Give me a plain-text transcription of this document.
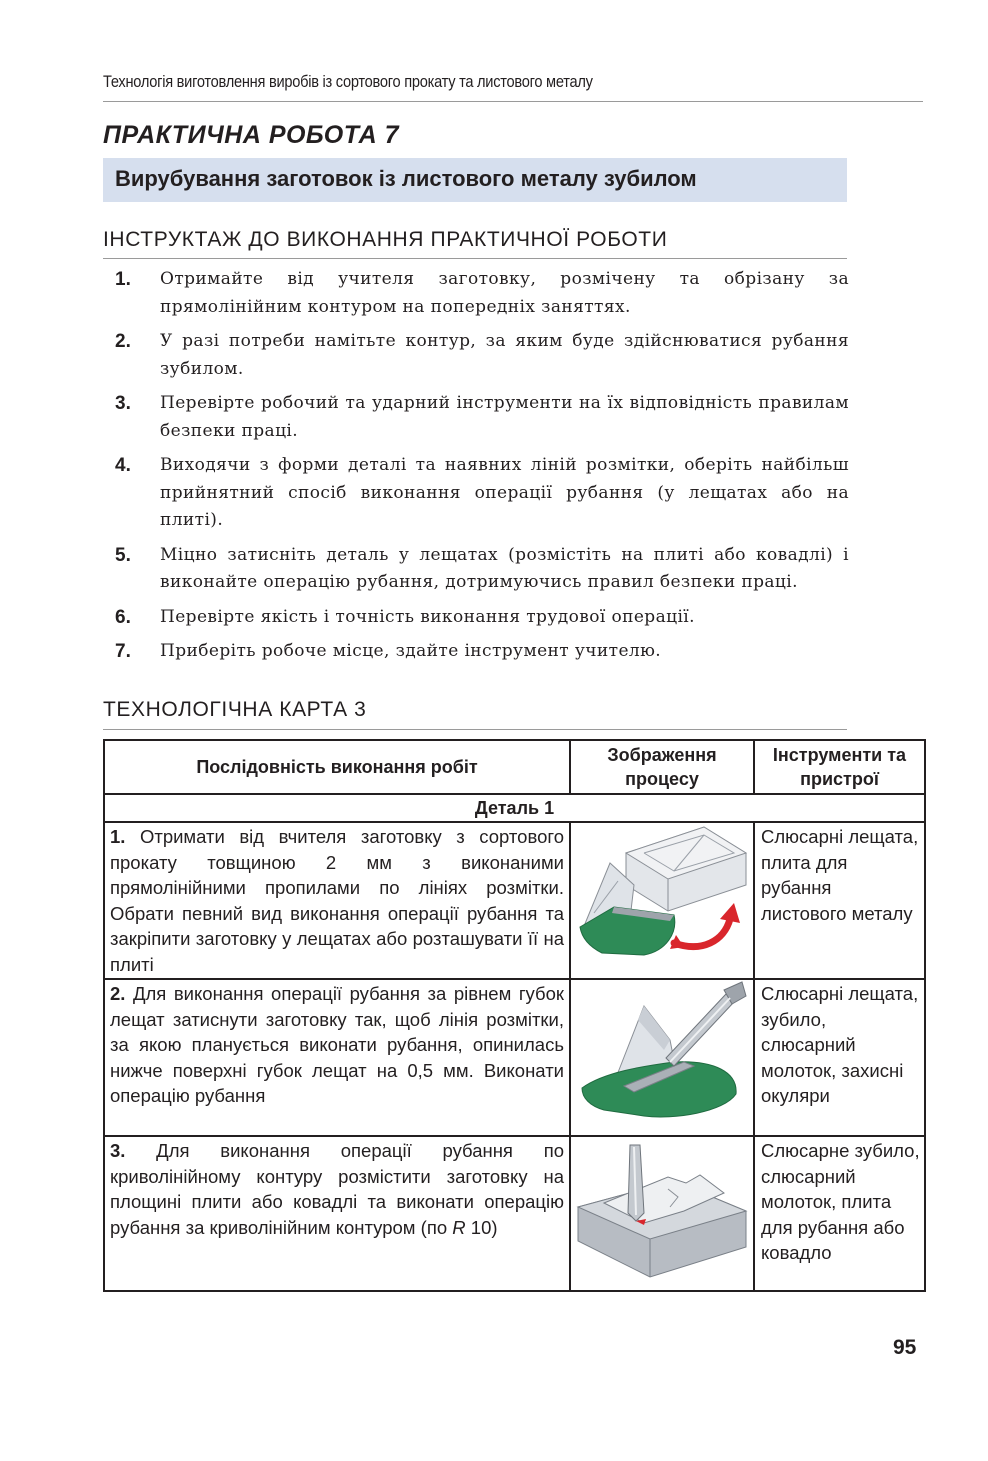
Технологія виготовлення виробів із сортового прокату та листового металу
ПРАКТИЧНА РОБОТА 7
Вирубування заготовок із листового металу зубилом
ІНСТРУКТАЖ ДО ВИКОНАННЯ ПРАКТИЧНОЇ РОБОТИ
1.	Отримайте від учителя заготовку, розмічену та обрізану за прямолінійним контуром на попередніх заняттях.
2.	У разі потреби намітьте контур, за яким буде здійснюватися рубання зубилом.
3.	Перевірте робочий та ударний інструменти на їх відповідність правилам безпеки праці.
4.	Виходячи з форми деталі та наявних ліній розмітки, оберіть найбільш прийнятний спосіб виконання операції рубання (у лещатах або на плиті).
5.	Міцно затисніть деталь у лещатах (розмістіть на плиті або ковадлі) і виконайте операцію рубання, дотримуючись правил безпеки праці.
6.	Перевірте якість і точність виконання трудової операції.
7.	Приберіть робоче місце, здайте інструмент учителю.
ТЕХНОЛОГІЧНА КАРТА 3
Послідовність виконання робіт	Зображення процесу	Інструменти та пристрої
Деталь 1		

1. Отримати від вчителя заготовку з сортового прокату товщиною 2 мм з виконаними прямолінійними пропилами по лініях розмітки. Обрати певний вид виконання операції рубання та закріпити заготовку у лещатах або розташувати її на плиті		Слюсарні лещата, плита для рубання листового металу

2. Для виконання операції рубання за рівнем губок лещат затиснути заготовку так, щоб лінія розмітки, за якою планується виконати рубання, опинилась нижче поверхні губок лещат на 0,5 мм. Виконати операцію рубання		Слюсарні лещата, зубило, слюсарний молоток, захисні окуляри

3. Для виконання операції рубання по криволінійному контуру розмістити заготовку на площині плити або ковадлі та виконати операцію рубання за криволінійним контуром (по R 10)		Слюсарне зубило, слюсарний молоток, плита для рубання або ковадло
95
